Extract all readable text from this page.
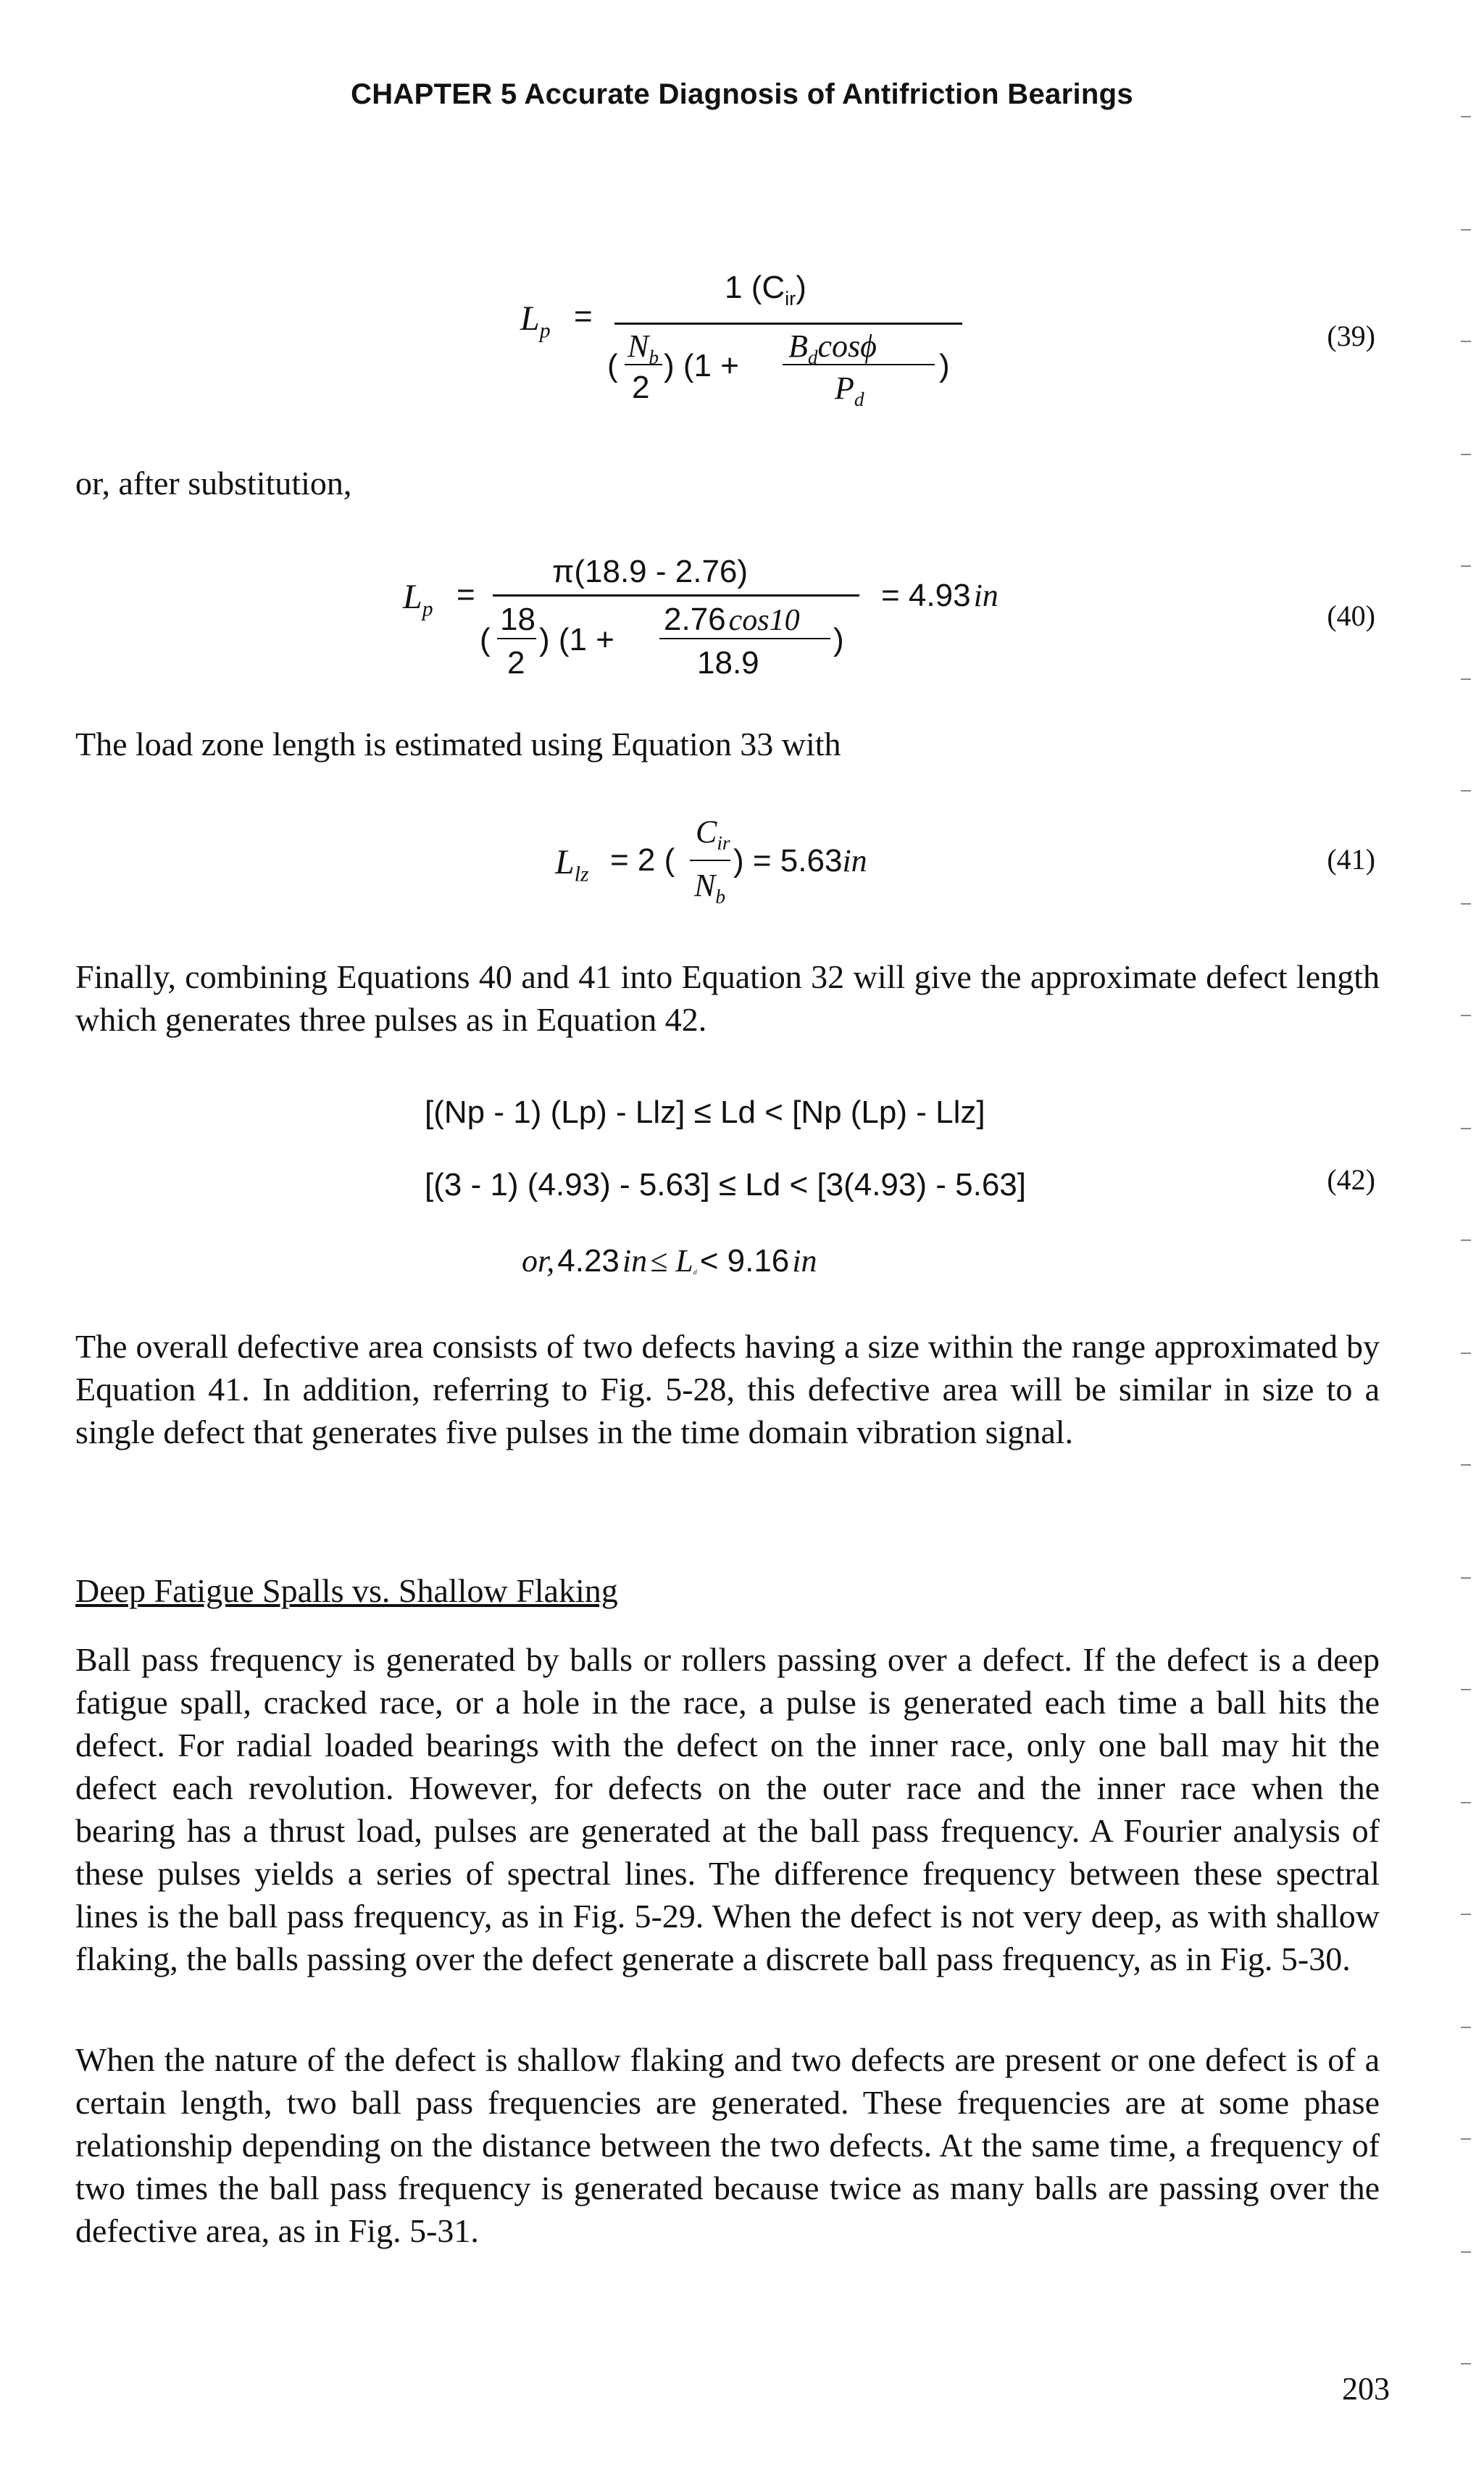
CHAPTER 5 Accurate Diagnosis of Antifriction Bearings
$L_p$ =
1 $(C_{ir})$
(
$N_b$
2
) (1 +
$B_d\cos\phi$
$P_d$
)
(39)
or, after substitution,
$L_p$ =
π(18.9 - 2.76)
(
18
2
) (1 +
2.76 cos10
18.9
)
= 4.93 in
(40)
The load zone length is estimated using Equation 33 with
$L_{lz} = 2$ (
$C_{ir}$
$N_b$
) = 5.63in	(41)
Finally, combining Equations 40 and 41 into Equation 32 will give the approximate defect length which generates three pulses as in Equation 42.
[(Np - 1) (Lp) - Llz] ≤ Ld < [Np (Lp) - Llz]
[(3 - 1) (4.93) - 5.63] ≤ Ld < [3(4.93) - 5.63]
or, 4.23 in ≤ $L_d < 9.16$ in
(42)
The overall defective area consists of two defects having a size within the range approximated by Equation 41. In addition, referring to Fig. 5-28, this defective area will be similar in size to a single defect that generates five pulses in the time domain vibration signal.
Deep Fatigue Spalls vs. Shallow Flaking
Ball pass frequency is generated by balls or rollers passing over a defect. If the defect is a deep fatigue spall, cracked race, or a hole in the race, a pulse is generated each time a ball hits the defect. For radial loaded bearings with the defect on the inner race, only one ball may hit the defect each revolution. However, for defects on the outer race and the inner race when the bearing has a thrust load, pulses are generated at the ball pass frequency. A Fourier analysis of these pulses yields a series of spectral lines. The difference frequency between these spectral lines is the ball pass frequency, as in Fig. 5-29. When the defect is not very deep, as with shallow flaking, the balls passing over the defect generate a discrete ball pass frequency, as in Fig. 5-30.
When the nature of the defect is shallow flaking and two defects are present or one defect is of a certain length, two ball pass frequencies are generated. These frequencies are at some phase relationship depending on the distance between the two defects. At the same time, a frequency of two times the ball pass frequency is generated because twice as many balls are passing over the defective area, as in Fig. 5-31.
203
